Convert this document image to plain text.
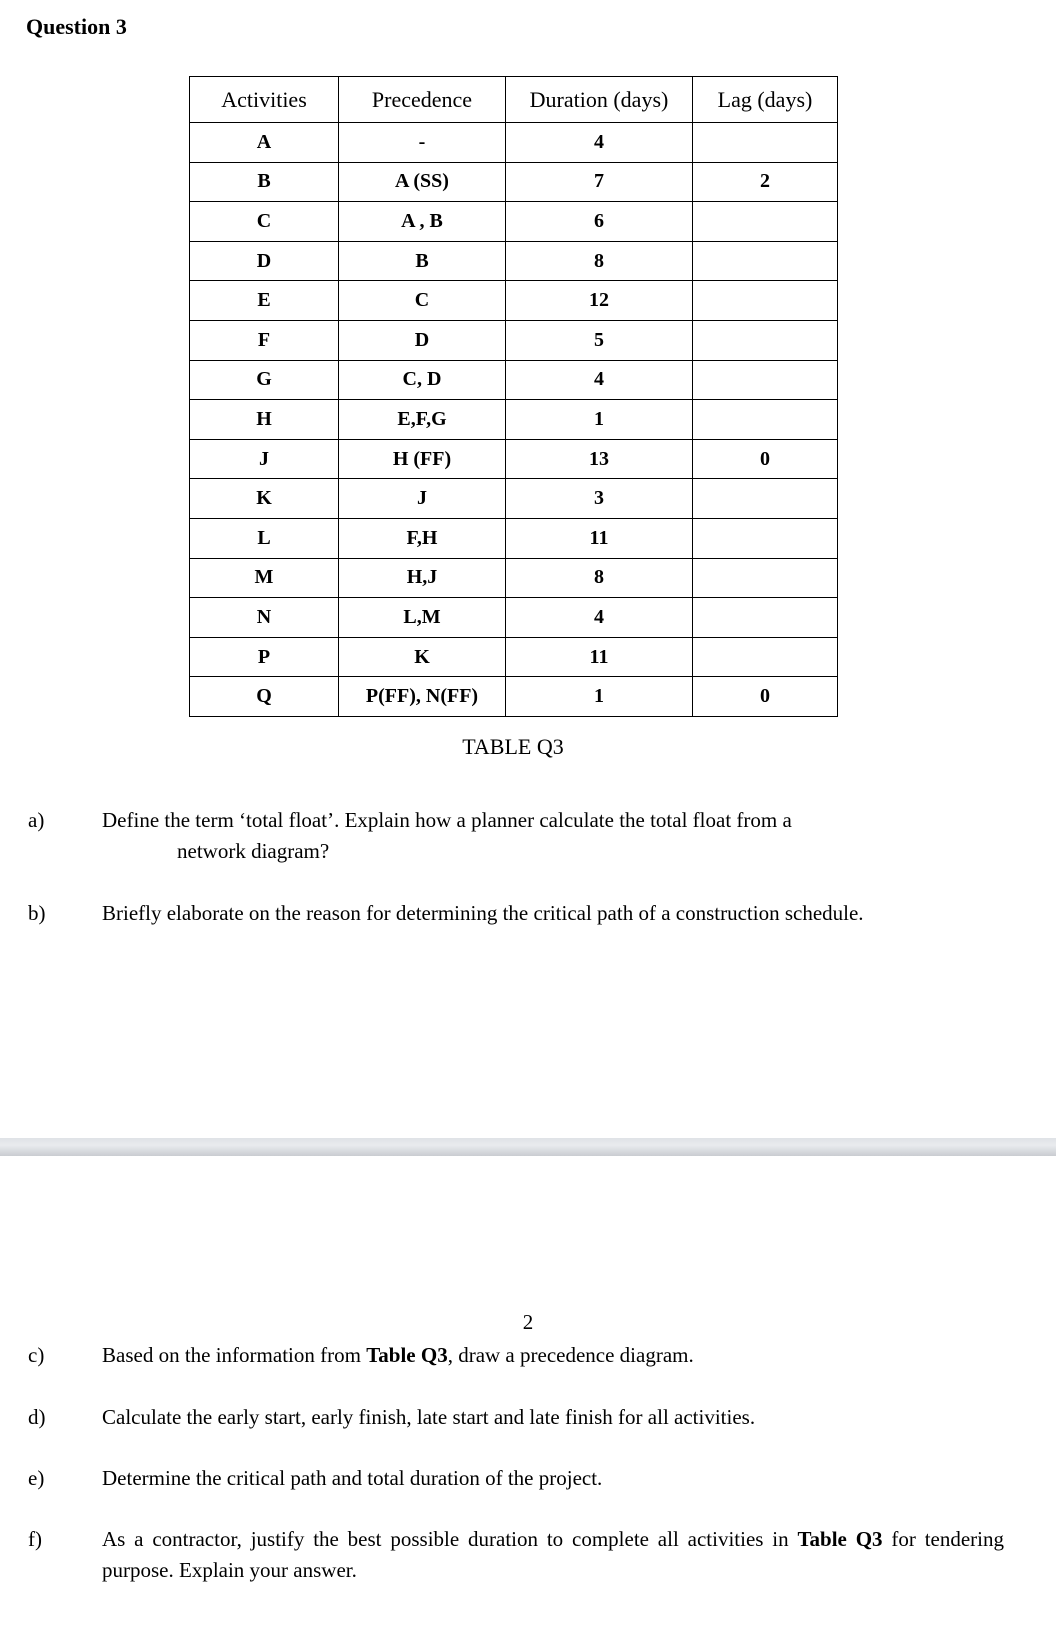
Question 3
Activities	Precedence	Duration (days)	Lag (days)
A	-	4	
B	A (SS)	7	2
C	A , B	6	
D	B	8	
E	C	12	
F	D	5	
G	C, D	4	
H	E,F,G	1	
J	H (FF)	13	0
K	J	3	
L	F,H	11	
M	H,J	8	
N	L,M	4	
P	K	11	
Q	P(FF), N(FF)	1	0
TABLE Q3
a)	Define the term ‘total float’. Explain how a planner calculate the total float from a
network diagram?
b)	Briefly elaborate on the reason for determining the critical path of a construction schedule.
2
c)	Based on the information from Table Q3, draw a precedence diagram.
d)	Calculate the early start, early finish, late start and late finish for all activities.
e)	Determine the critical path and total duration of the project.
f)	As a contractor, justify the best possible duration to complete all activities in Table Q3 for tendering purpose. Explain your answer.
